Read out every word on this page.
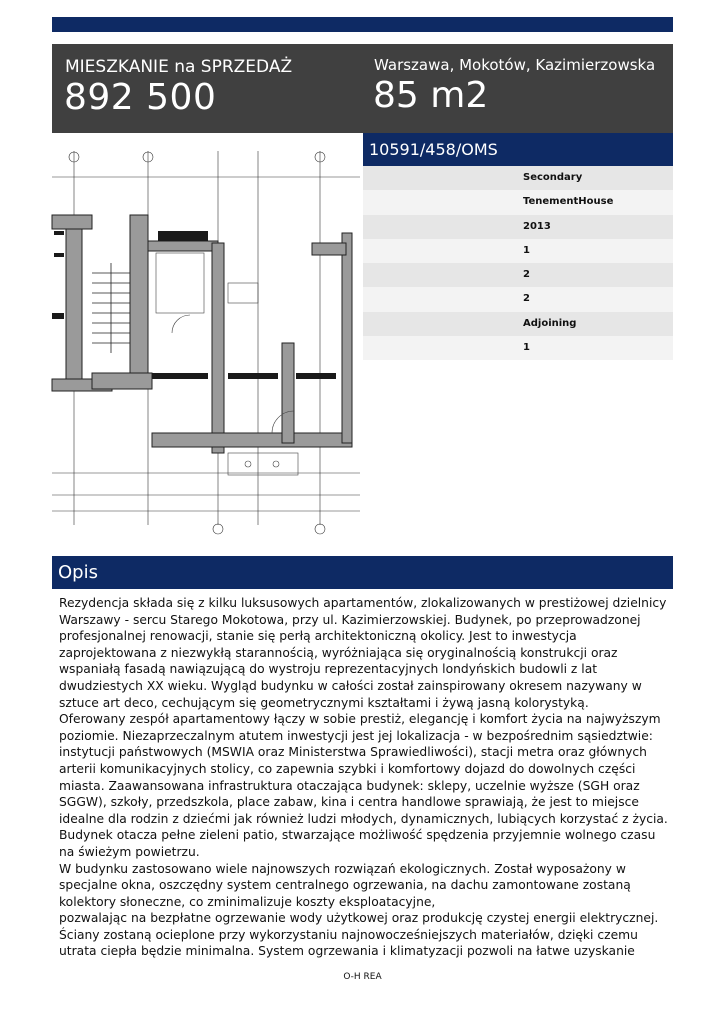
MIESZKANIE na SPRZEDAŻ
892 500
Warszawa, Mokotów, Kazimierzowska
85 m2
10591/458/OMS
Secondary
TenementHouse
2013
1
2
2
Adjoining
1
Opis

Rezydencja składa się z kilku luksusowych apartamentów, zlokalizowanych w prestiżowej dzielnicy

Warszawy - sercu Starego Mokotowa, przy ul. Kazimierzowskiej. Budynek, po przeprowadzonej

profesjonalnej renowacji, stanie się perłą architektoniczną okolicy. Jest to inwestycja

zaprojektowana z niezwykłą starannością, wyróżniająca się oryginalnością konstrukcji oraz

wspaniałą fasadą nawiązującą do wystroju reprezentacyjnych londyńskich budowli z lat

dwudziestych XX wieku. Wygląd budynku w całości został zainspirowany okresem nazywany w

sztuce art deco, cechującym się geometrycznymi kształtami i żywą jasną kolorystyką.

Oferowany zespół apartamentowy łączy w sobie prestiż, elegancję i komfort życia na najwyższym

poziomie. Niezaprzeczalnym atutem inwestycji jest jej lokalizacja - w bezpośrednim sąsiedztwie:

instytucji państwowych (MSWIA oraz Ministerstwa Sprawiedliwości), stacji metra oraz głównych

arterii komunikacyjnych stolicy, co zapewnia szybki i komfortowy dojazd do dowolnych części

miasta. Zaawansowana infrastruktura otaczająca budynek: sklepy, uczelnie wyższe (SGH oraz

SGGW), szkoły, przedszkola, place zabaw, kina i centra handlowe sprawiają, że jest to miejsce

idealne dla rodzin z dziećmi jak również ludzi młodych, dynamicznych, lubiących korzystać z życia.

Budynek otacza pełne zieleni patio, stwarzające możliwość spędzenia przyjemnie wolnego czasu

na świeżym powietrzu.

W budynku zastosowano wiele najnowszych rozwiązań ekologicznych. Został wyposażony w

specjalne okna, oszczędny system centralnego ogrzewania, na dachu zamontowane zostaną

kolektory słoneczne, co zminimalizuje koszty eksploatacyjne,

pozwalając na bezpłatne ogrzewanie wody użytkowej oraz produkcję czystej energii elektrycznej.

Ściany zostaną ocieplone przy wykorzystaniu najnowocześniejszych materiałów, dzięki czemu

utrata ciepła będzie minimalna. System ogrzewania i klimatyzacji pozwoli na łatwe uzyskanie

O-H REA
